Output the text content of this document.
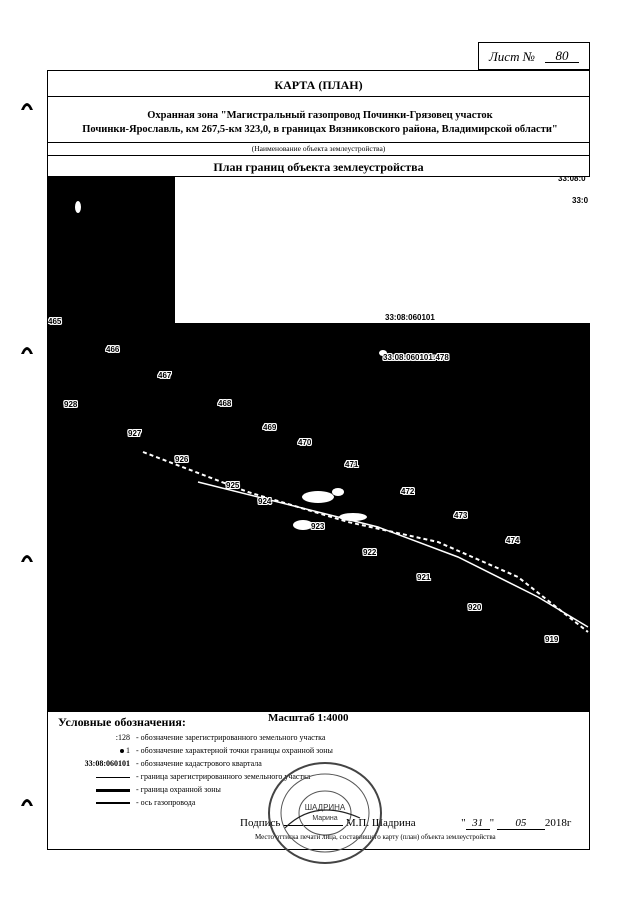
Лист №	80
КАРТА (ПЛАН)
Охранная зона "Магистральный газопровод Починки-Грязовец участок
Починки-Ярославль, км 267,5-км 323,0, в границах Вязниковского района, Владимирской области"
(Наименование объекта землеустройства)
План границ объекта землеустройства
33:08:060101
33:08:060101:478
33:08:0
33:0
465
466
467
468
469
470
471
472
473
474
928
927
926
925
924
923
922
921
920
919
Условные обозначения:	Масштаб 1:4000
:128 - обозначение зарегистрированного земельного участка
1 - обозначение характерной точки границы охранной зоны
33:08:060101 - обозначение кадастрового квартала
- граница зарегистрированного земельного участка
- граница охранной зоны
- ось газопровода
Подпись	М.П. Шадрина	" 31 " 05 2018г
Место оттиска печати лица, составившего карту (план) объекта землеустройства
ШАДРИНА
Марина
